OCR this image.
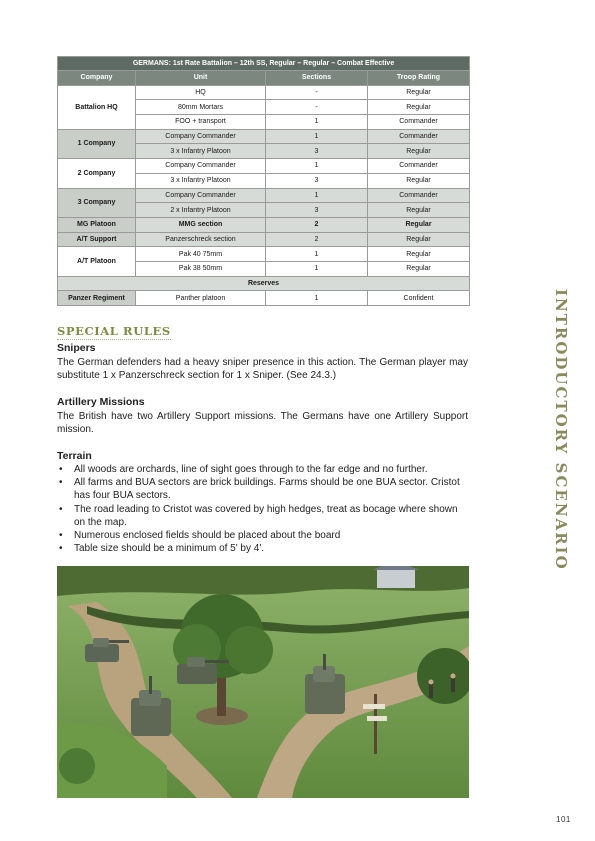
GERMANS: 1st Rate Battalion – 12th SS, Regular – Regular – Combat Effective			
Company	Unit	Sections	Troop Rating
Battalion HQ	HQ	-	Regular
	80mm Mortars	-	Regular
	FOO + transport	1	Commander
1 Company	Company Commander	1	Commander
	3 x Infantry Platoon	3	Regular
2 Company	Company Commander	1	Commander
	3 x Infantry Platoon	3	Regular
3 Company	Company Commander	1	Commander
	2 x Infantry Platoon	3	Regular
MG Platoon	MMG section	2	Regular
A/T Support	Panzerschreck section	2	Regular
A/T Platoon	Pak 40 75mm	1	Regular
	Pak 38 50mm	1	Regular
Reserves			
Panzer Regiment	Panther platoon	1	Confident
SPECIAL RULES
Snipers
The German defenders had a heavy sniper presence in this action. The German player may substitute 1 x Panzerschreck section for 1 x Sniper. (See 24.3.)
Artillery Missions
The British have two Artillery Support missions. The Germans have one Artillery Support mission.
Terrain
• All woods are orchards, line of sight goes through to the far edge and no further.
• All farms and BUA sectors are brick buildings. Farms should be one BUA sector. Cristot has four BUA sectors.
• The road leading to Cristot was covered by high hedges, treat as bocage where shown on the map.
• Numerous enclosed fields should be placed about the board
• Table size should be a minimum of 5' by 4'.	INTRODUCTORY SCENARIO
101
